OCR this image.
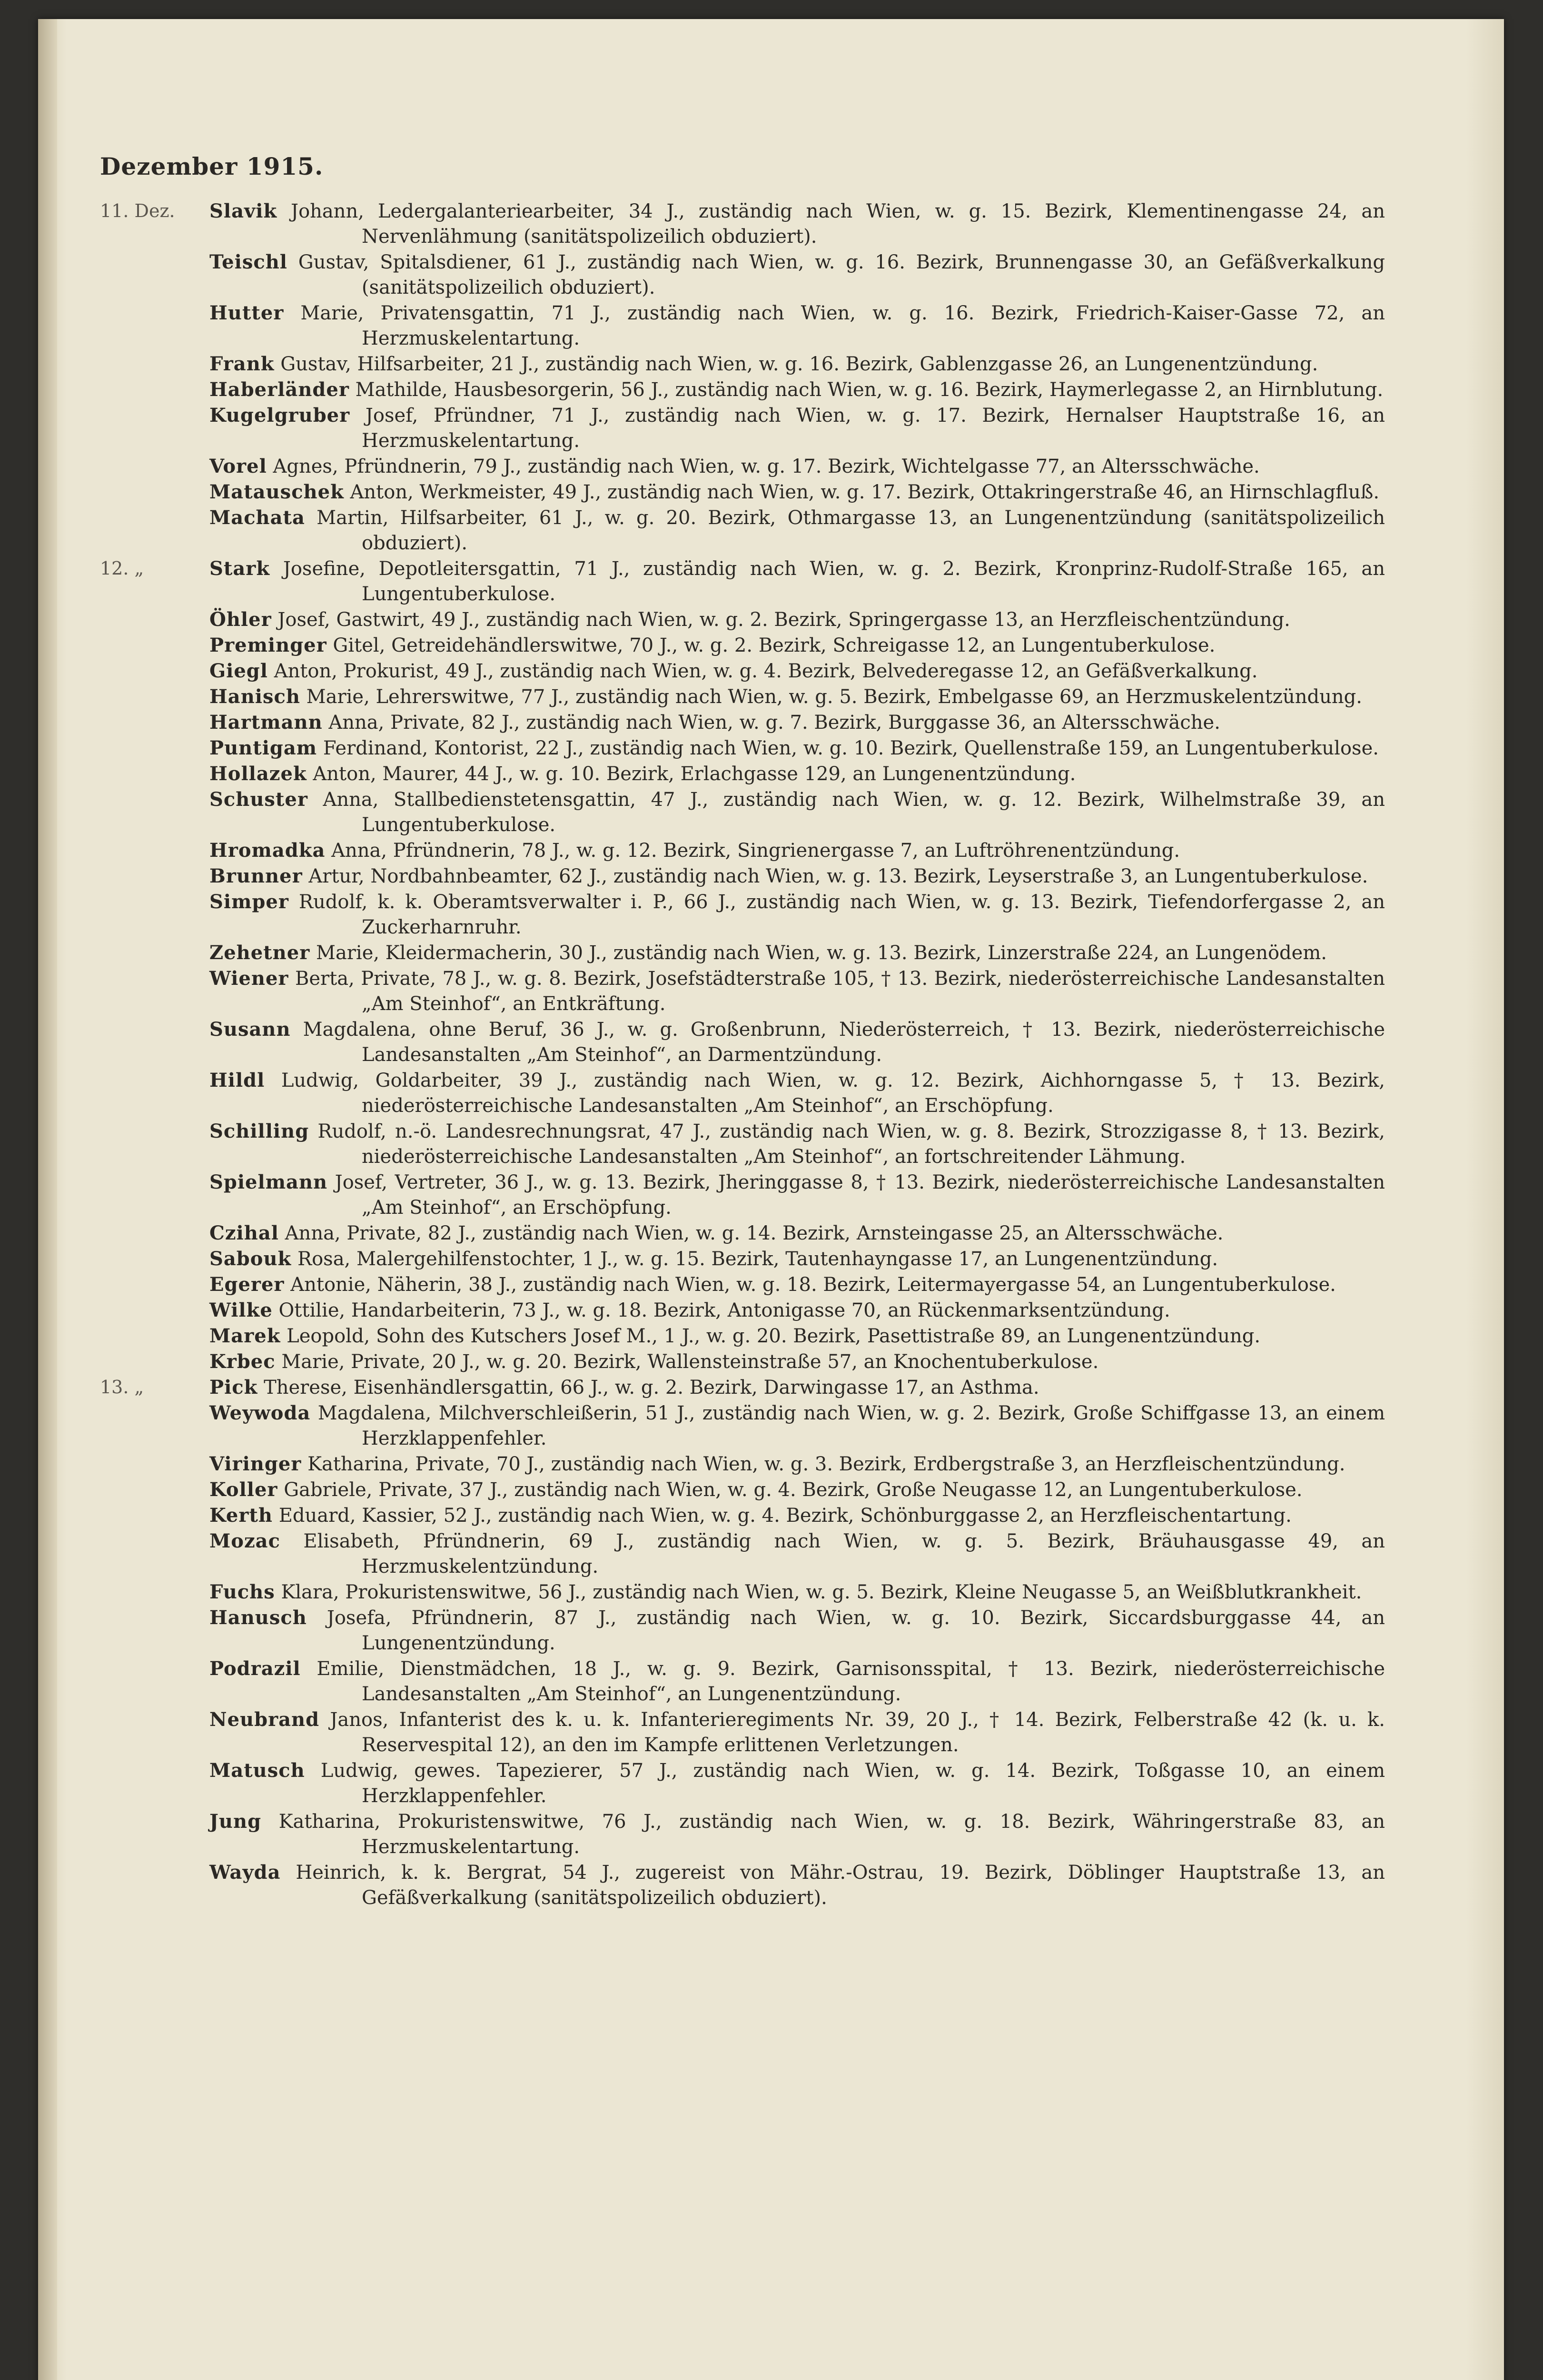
Dezember 1915.
11. Dez.	Slavik Johann, Ledergalanteriearbeiter, 34 J., zuständig nach Wien, w. g. 15. Bezirk, Klementinengasse 24, an Nervenlähmung (sanitätspolizeilich obduziert).
Teischl Gustav, Spitalsdiener, 61 J., zuständig nach Wien, w. g. 16. Bezirk, Brunnengasse 30, an Gefäßverkalkung (sanitätspolizeilich obduziert).
Hutter Marie, Privatensgattin, 71 J., zuständig nach Wien, w. g. 16. Bezirk, Friedrich-Kaiser-Gasse 72, an Herzmuskelentartung.
Frank Gustav, Hilfsarbeiter, 21 J., zuständig nach Wien, w. g. 16. Bezirk, Gablenzgasse 26, an Lungenentzündung.
Haberländer Mathilde, Hausbesorgerin, 56 J., zuständig nach Wien, w. g. 16. Bezirk, Haymerlegasse 2, an Hirnblutung.
Kugelgruber Josef, Pfründner, 71 J., zuständig nach Wien, w. g. 17. Bezirk, Hernalser Hauptstraße 16, an Herzmuskelentartung.
Vorel Agnes, Pfründnerin, 79 J., zuständig nach Wien, w. g. 17. Bezirk, Wichtelgasse 77, an Altersschwäche.
Matauschek Anton, Werkmeister, 49 J., zuständig nach Wien, w. g. 17. Bezirk, Ottakringerstraße 46, an Hirnschlagfluß.
Machata Martin, Hilfsarbeiter, 61 J., w. g. 20. Bezirk, Othmargasse 13, an Lungenentzündung (sanitätspolizeilich obduziert).
12. „	Stark Josefine, Depotleitersgattin, 71 J., zuständig nach Wien, w. g. 2. Bezirk, Kronprinz-Rudolf-Straße 165, an Lungentuberkulose.
Öhler Josef, Gastwirt, 49 J., zuständig nach Wien, w. g. 2. Bezirk, Springergasse 13, an Herzfleischentzündung.
Preminger Gitel, Getreidehändlerswitwe, 70 J., w. g. 2. Bezirk, Schreigasse 12, an Lungentuberkulose.
Giegl Anton, Prokurist, 49 J., zuständig nach Wien, w. g. 4. Bezirk, Belvederegasse 12, an Gefäßverkalkung.
Hanisch Marie, Lehrerswitwe, 77 J., zuständig nach Wien, w. g. 5. Bezirk, Embelgasse 69, an Herzmuskelentzündung.
Hartmann Anna, Private, 82 J., zuständig nach Wien, w. g. 7. Bezirk, Burggasse 36, an Altersschwäche.
Puntigam Ferdinand, Kontorist, 22 J., zuständig nach Wien, w. g. 10. Bezirk, Quellenstraße 159, an Lungentuberkulose.
Hollazek Anton, Maurer, 44 J., w. g. 10. Bezirk, Erlachgasse 129, an Lungenentzündung.
Schuster Anna, Stallbedienstetensgattin, 47 J., zuständig nach Wien, w. g. 12. Bezirk, Wilhelmstraße 39, an Lungentuberkulose.
Hromadka Anna, Pfründnerin, 78 J., w. g. 12. Bezirk, Singrienergasse 7, an Luftröhrenentzündung.
Brunner Artur, Nordbahnbeamter, 62 J., zuständig nach Wien, w. g. 13. Bezirk, Leyserstraße 3, an Lungentuberkulose.
Simper Rudolf, k. k. Oberamtsverwalter i. P., 66 J., zuständig nach Wien, w. g. 13. Bezirk, Tiefendorfergasse 2, an Zuckerharnruhr.
Zehetner Marie, Kleidermacherin, 30 J., zuständig nach Wien, w. g. 13. Bezirk, Linzerstraße 224, an Lungenödem.
Wiener Berta, Private, 78 J., w. g. 8. Bezirk, Josefstädterstraße 105, † 13. Bezirk, niederösterreichische Landesanstalten „Am Steinhof“, an Entkräftung.
Susann Magdalena, ohne Beruf, 36 J., w. g. Großenbrunn, Niederösterreich, † 13. Bezirk, niederösterreichische Landesanstalten „Am Steinhof“, an Darmentzündung.
Hildl Ludwig, Goldarbeiter, 39 J., zuständig nach Wien, w. g. 12. Bezirk, Aichhorngasse 5, † 13. Bezirk, niederösterreichische Landesanstalten „Am Steinhof“, an Erschöpfung.
Schilling Rudolf, n.-ö. Landesrechnungsrat, 47 J., zuständig nach Wien, w. g. 8. Bezirk, Strozzigasse 8, † 13. Bezirk, niederösterreichische Landesanstalten „Am Steinhof“, an fortschreitender Lähmung.
Spielmann Josef, Vertreter, 36 J., w. g. 13. Bezirk, Jheringgasse 8, † 13. Bezirk, niederösterreichische Landesanstalten „Am Steinhof“, an Erschöpfung.
Czihal Anna, Private, 82 J., zuständig nach Wien, w. g. 14. Bezirk, Arnsteingasse 25, an Altersschwäche.
Sabouk Rosa, Malergehilfenstochter, 1 J., w. g. 15. Bezirk, Tautenhayngasse 17, an Lungenentzündung.
Egerer Antonie, Näherin, 38 J., zuständig nach Wien, w. g. 18. Bezirk, Leitermayergasse 54, an Lungentuberkulose.
Wilke Ottilie, Handarbeiterin, 73 J., w. g. 18. Bezirk, Antonigasse 70, an Rückenmarksentzündung.
Marek Leopold, Sohn des Kutschers Josef M., 1 J., w. g. 20. Bezirk, Pasettistraße 89, an Lungenentzündung.
Krbec Marie, Private, 20 J., w. g. 20. Bezirk, Wallensteinstraße 57, an Knochentuberkulose.
13. „	Pick Therese, Eisenhändlersgattin, 66 J., w. g. 2. Bezirk, Darwingasse 17, an Asthma.
Weywoda Magdalena, Milchverschleißerin, 51 J., zuständig nach Wien, w. g. 2. Bezirk, Große Schiffgasse 13, an einem Herzklappenfehler.
Viringer Katharina, Private, 70 J., zuständig nach Wien, w. g. 3. Bezirk, Erdbergstraße 3, an Herzfleischentzündung.
Koller Gabriele, Private, 37 J., zuständig nach Wien, w. g. 4. Bezirk, Große Neugasse 12, an Lungentuberkulose.
Kerth Eduard, Kassier, 52 J., zuständig nach Wien, w. g. 4. Bezirk, Schönburggasse 2, an Herzfleischentartung.
Mozac Elisabeth, Pfründnerin, 69 J., zuständig nach Wien, w. g. 5. Bezirk, Bräuhausgasse 49, an Herzmuskelentzündung.
Fuchs Klara, Prokuristenswitwe, 56 J., zuständig nach Wien, w. g. 5. Bezirk, Kleine Neugasse 5, an Weißblutkrankheit.
Hanusch Josefa, Pfründnerin, 87 J., zuständig nach Wien, w. g. 10. Bezirk, Siccardsburggasse 44, an Lungenentzündung.
Podrazil Emilie, Dienstmädchen, 18 J., w. g. 9. Bezirk, Garnisonsspital, † 13. Bezirk, niederösterreichische Landesanstalten „Am Steinhof“, an Lungenentzündung.
Neubrand Janos, Infanterist des k. u. k. Infanterieregiments Nr. 39, 20 J., † 14. Bezirk, Felberstraße 42 (k. u. k. Reservespital 12), an den im Kampfe erlittenen Verletzungen.
Matusch Ludwig, gewes. Tapezierer, 57 J., zuständig nach Wien, w. g. 14. Bezirk, Toßgasse 10, an einem Herzklappenfehler.
Jung Katharina, Prokuristenswitwe, 76 J., zuständig nach Wien, w. g. 18. Bezirk, Währingerstraße 83, an Herzmuskelentartung.
Wayda Heinrich, k. k. Bergrat, 54 J., zugereist von Mähr.-Ostrau, 19. Bezirk, Döblinger Hauptstraße 13, an Gefäßverkalkung (sanitätspolizeilich obduziert).
